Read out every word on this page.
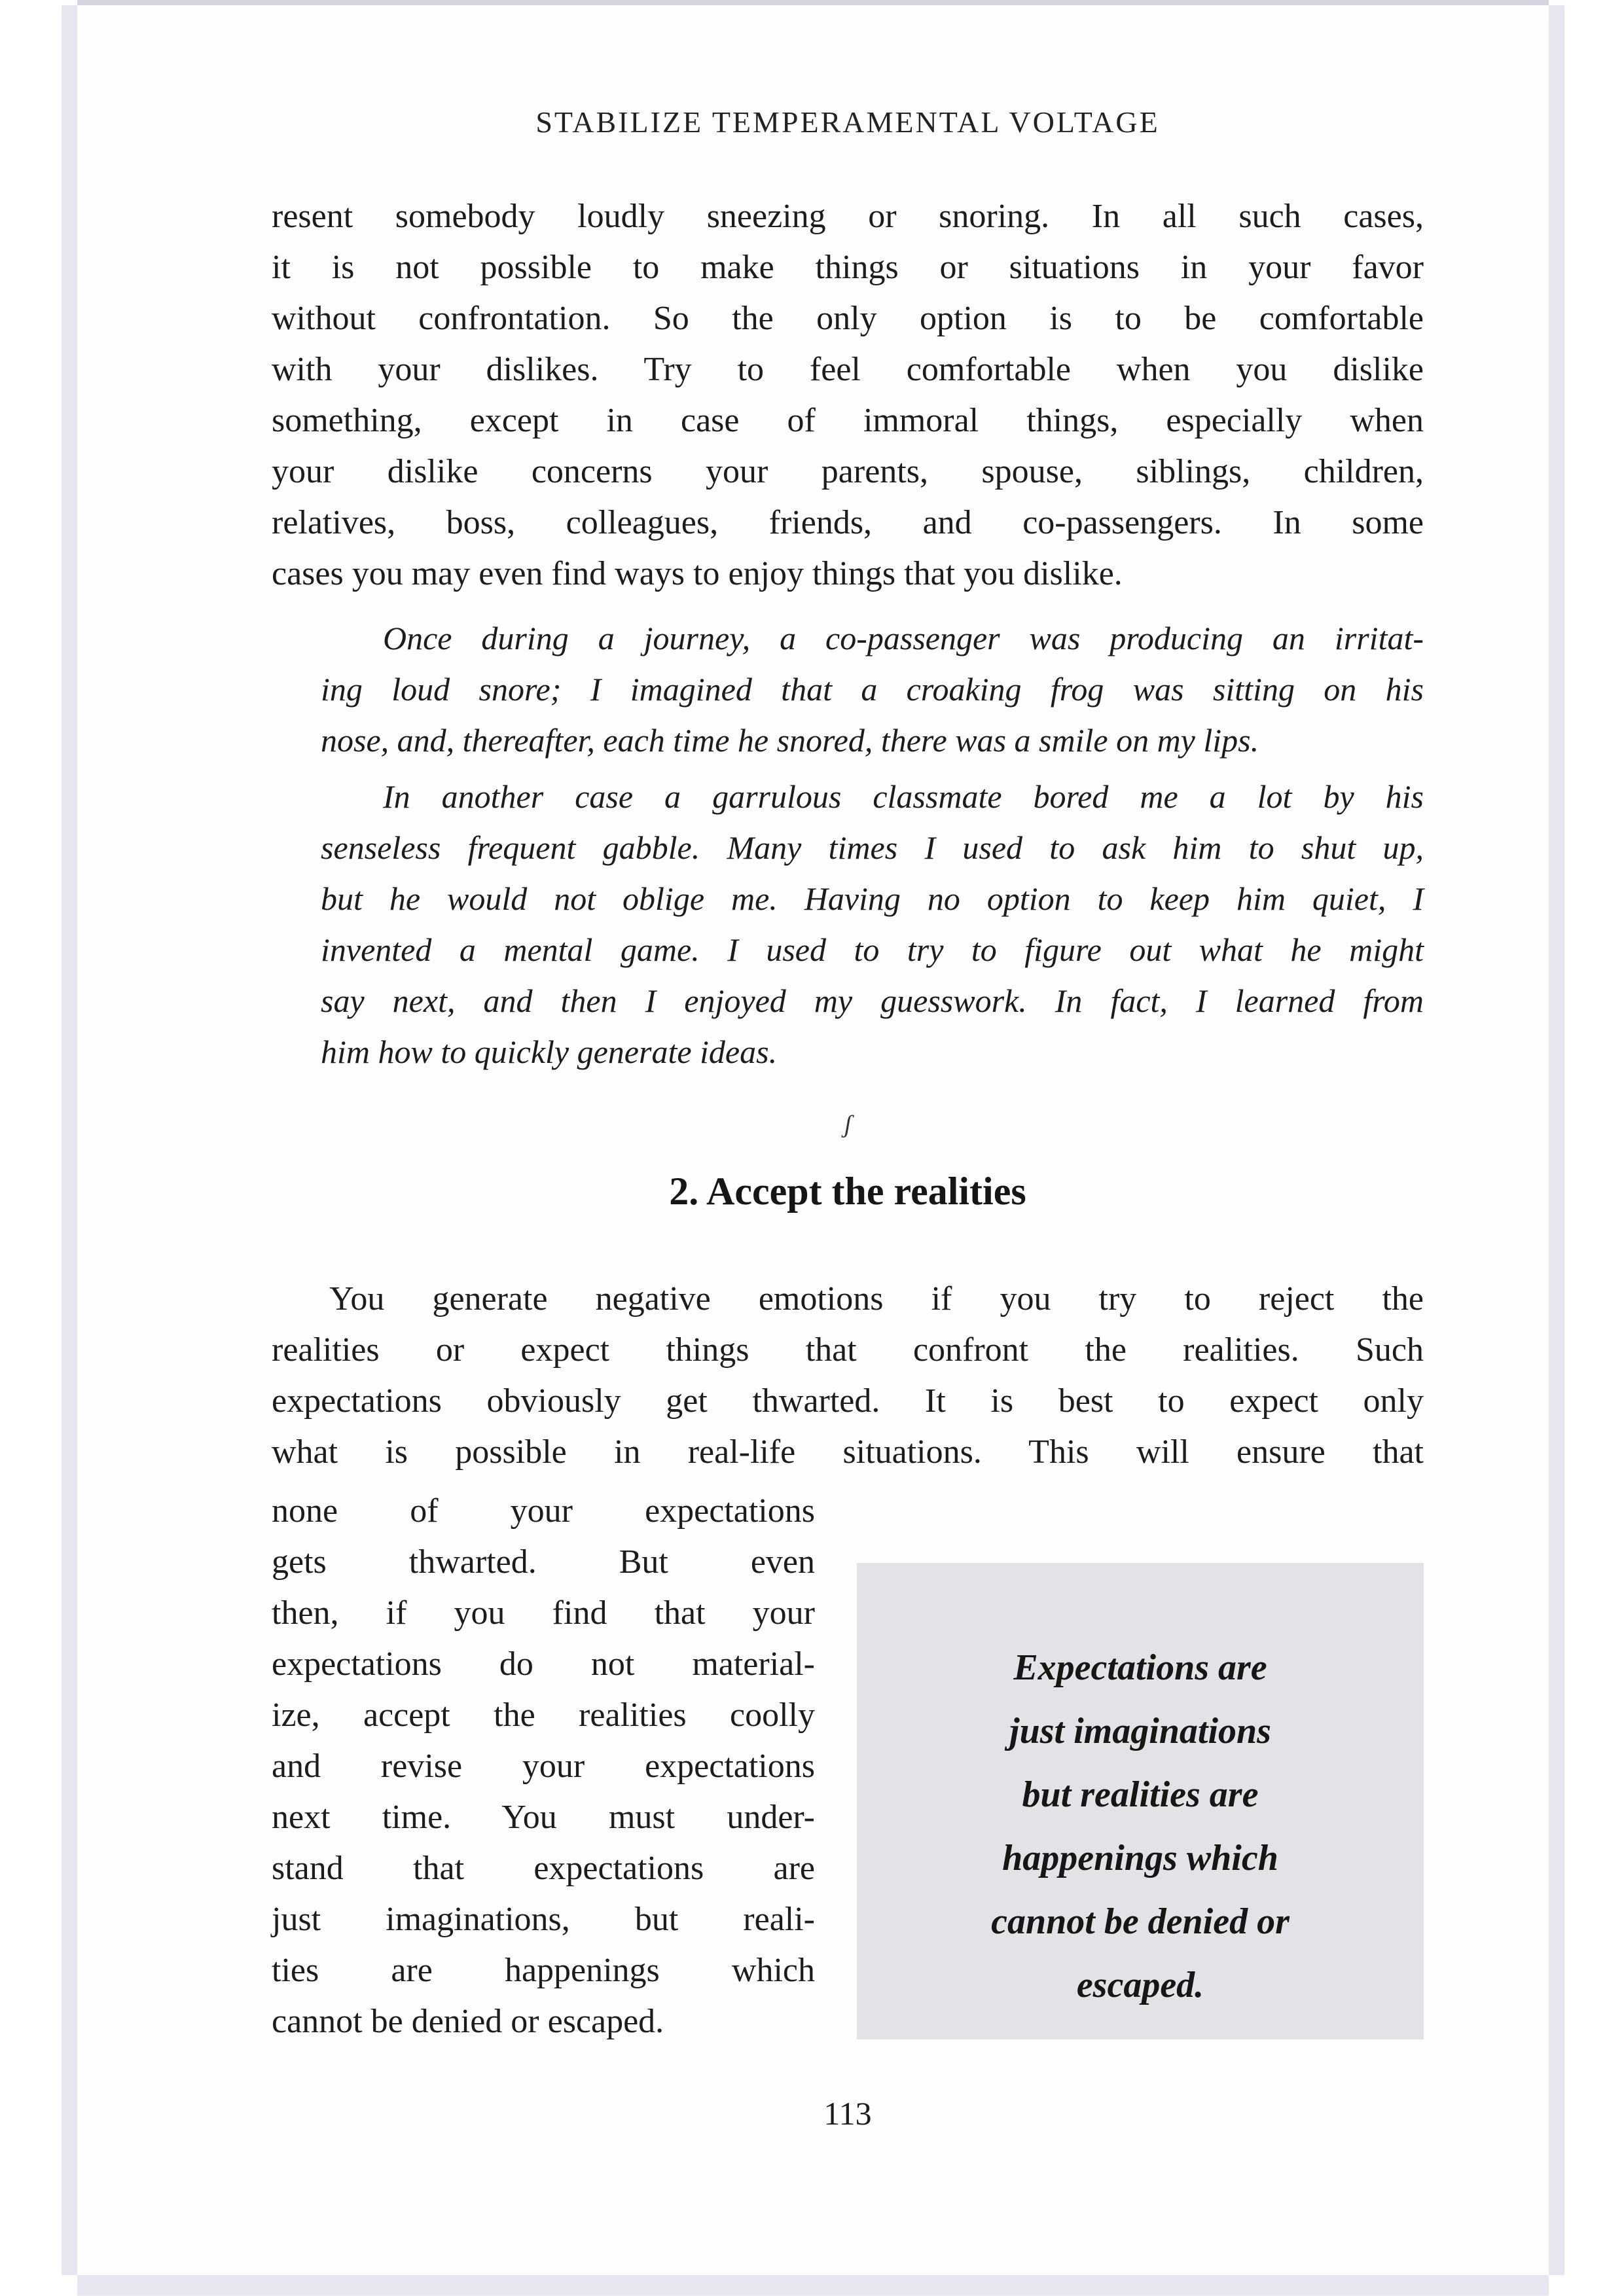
STABILIZE TEMPERAMENTAL VOLTAGE
resent somebody loudly sneezing or snoring. In all such cases,
it is not possible to make things or situations in your favor
without confrontation. So the only option is to be comfortable
with your dislikes. Try to feel comfortable when you dislike
something, except in case of immoral things, especially when
your dislike concerns your parents, spouse, siblings, children,
relatives, boss, colleagues, friends, and co-passengers. In some
cases you may even find ways to enjoy things that you dislike.
Once during a journey, a co-passenger was producing an irritat-
ing loud snore; I imagined that a croaking frog was sitting on his
nose, and, thereafter, each time he snored, there was a smile on my lips.
In another case a garrulous classmate bored me a lot by his
senseless frequent gabble. Many times I used to ask him to shut up,
but he would not oblige me. Having no option to keep him quiet, I
invented a mental game. I used to try to figure out what he might
say next, and then I enjoyed my guesswork. In fact, I learned from
him how to quickly generate ideas.
ʃ
2. Accept the realities
You generate negative emotions if you try to reject the
realities or expect things that confront the realities. Such
expectations obviously get thwarted. It is best to expect only
what is possible in real-life situations. This will ensure that
none of your expectations
gets thwarted. But even
then, if you find that your
expectations do not material-
ize, accept the realities coolly
and revise your expectations
next time. You must under-
stand that expectations are
just imaginations, but reali-
ties are happenings which
cannot be denied or escaped.
Expectations are
just imaginations
but realities are
happenings which
cannot be denied or
escaped.
113
